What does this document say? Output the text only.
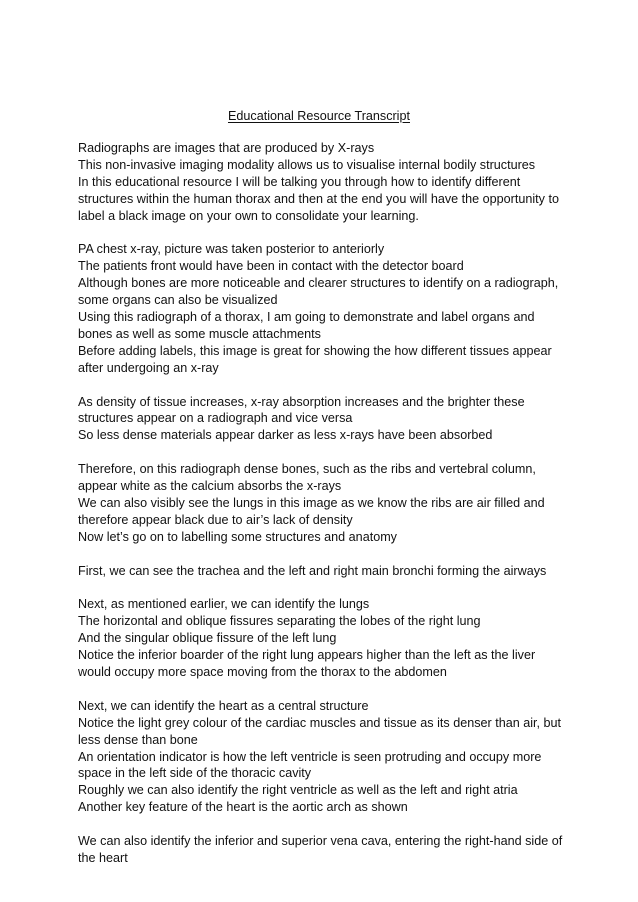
Educational Resource Transcript
Radiographs are images that are produced by X-rays
This non-invasive imaging modality allows us to visualise internal bodily structures
In this educational resource I will be talking you through how to identify different structures within the human thorax and then at the end you will have the opportunity to label a black image on your own to consolidate your learning.
PA chest x-ray, picture was taken posterior to anteriorly
The patients front would have been in contact with the detector board
Although bones are more noticeable and clearer structures to identify on a radiograph, some organs can also be visualized
Using this radiograph of a thorax, I am going to demonstrate and label organs and bones as well as some muscle attachments
Before adding labels, this image is great for showing the how different tissues appear after undergoing an x-ray
As density of tissue increases, x-ray absorption increases and the brighter these structures appear on a radiograph and vice versa
So less dense materials appear darker as less x-rays have been absorbed
Therefore, on this radiograph dense bones, such as the ribs and vertebral column, appear white as the calcium absorbs the x-rays
We can also visibly see the lungs in this image as we know the ribs are air filled and therefore appear black due to air’s lack of density
Now let’s go on to labelling some structures and anatomy
First, we can see the trachea and the left and right main bronchi forming the airways
Next, as mentioned earlier, we can identify the lungs
The horizontal and oblique fissures separating the lobes of the right lung
And the singular oblique fissure of the left lung
Notice the inferior boarder of the right lung appears higher than the left as the liver would occupy more space moving from the thorax to the abdomen
Next, we can identify the heart as a central structure
Notice the light grey colour of the cardiac muscles and tissue as its denser than air, but less dense than bone
An orientation indicator is how the left ventricle is seen protruding and occupy more space in the left side of the thoracic cavity
Roughly we can also identify the right ventricle as well as the left and right atria
Another key feature of the heart is the aortic arch as shown
We can also identify the inferior and superior vena cava, entering the right-hand side of the heart
